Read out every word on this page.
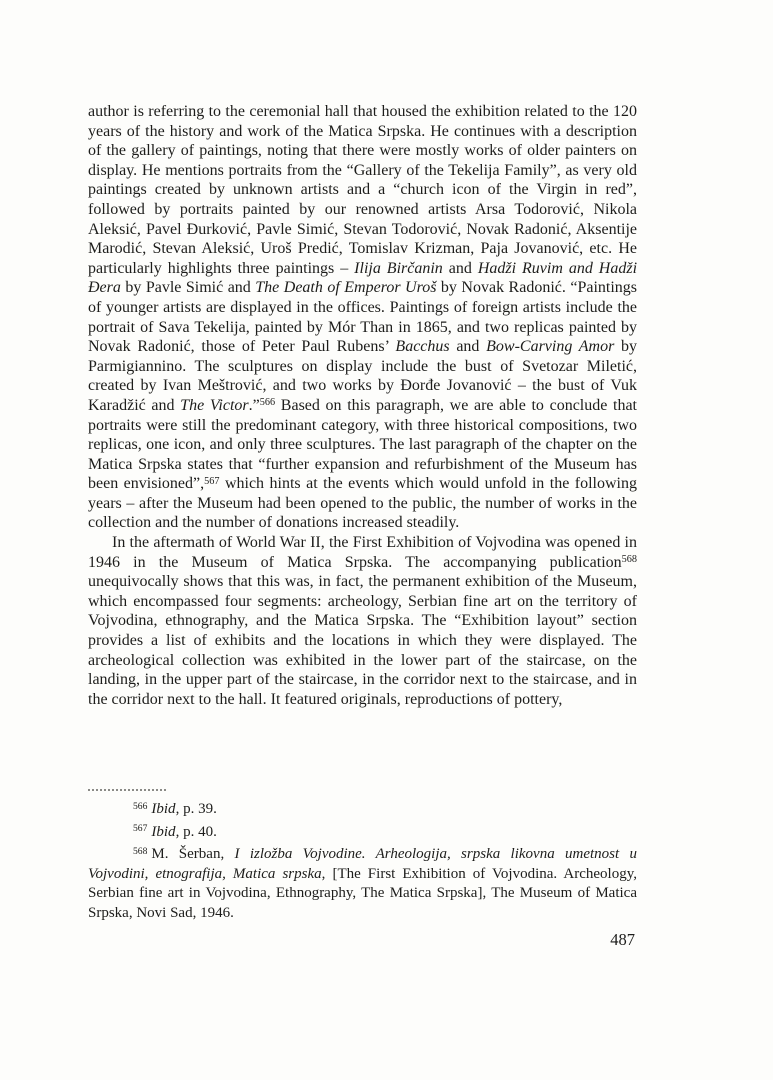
author is referring to the ceremonial hall that housed the exhibition related to the 120 years of the history and work of the Matica Srpska. He continues with a description of the gallery of paintings, noting that there were mostly works of older painters on display. He mentions portraits from the “Gallery of the Tekelija Family”, as very old paintings created by unknown artists and a “church icon of the Virgin in red”, followed by portraits painted by our renowned artists Arsa Todorović, Nikola Aleksić, Pavel Đurković, Pavle Simić, Stevan Todorović, Novak Radonić, Aksentije Marodić, Stevan Aleksić, Uroš Predić, Tomislav Krizman, Paja Jovanović, etc. He particularly highlights three paintings – Ilija Birčanin and Hadži Ruvim and Hadži Đera by Pavle Simić and The Death of Emperor Uroš by Novak Radonić. “Paintings of younger artists are displayed in the offices. Paintings of foreign artists include the portrait of Sava Tekelija, painted by Mór Than in 1865, and two replicas painted by Novak Radonić, those of Peter Paul Rubens’ Bacchus and Bow-Carving Amor by Parmigiannino. The sculptures on display include the bust of Svetozar Miletić, created by Ivan Meštrović, and two works by Đorđe Jovanović – the bust of Vuk Karadžić and The Victor.”$^{566}$ Based on this paragraph, we are able to conclude that portraits were still the predominant category, with three historical compositions, two replicas, one icon, and only three sculptures. The last paragraph of the chapter on the Matica Srpska states that “further expansion and refurbishment of the Museum has been envisioned”,$^{567}$ which hints at the events which would unfold in the following years – after the Museum had been opened to the public, the number of works in the collection and the number of donations increased steadily.

In the aftermath of World War II, the First Exhibition of Vojvodina was opened in 1946 in the Museum of Matica Srpska. The accompanying publication$^{568}$ unequivocally shows that this was, in fact, the permanent exhibition of the Museum, which encompassed four segments: archeology, Serbian fine art on the territory of Vojvodina, ethnography, and the Matica Srpska. The “Exhibition layout” section provides a list of exhibits and the locations in which they were displayed. The archeological collection was exhibited in the lower part of the staircase, on the landing, in the upper part of the staircase, in the corridor next to the staircase, and in the corridor next to the hall. It featured originals, reproductions of pottery,

$^{566}$ Ibid, p. 39.

$^{567}$ Ibid, p. 40.

$^{568}$ M. Šerban, I izložba Vojvodine. Arheologija, srpska likovna umetnost u Vojvodini, etnografija, Matica srpska, [The First Exhibition of Vojvodina. Archeology, Serbian fine art in Vojvodina, Ethnography, The Matica Srpska], The Museum of Matica Srpska, Novi Sad, 1946.

487
